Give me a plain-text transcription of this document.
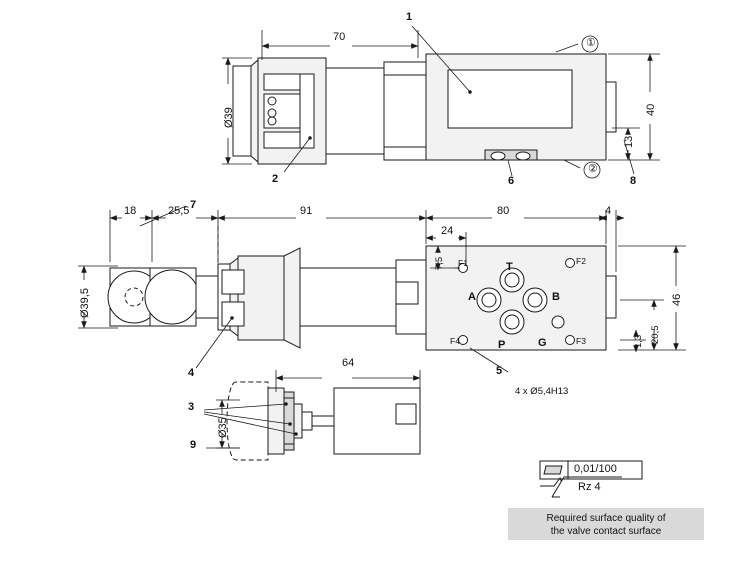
70
Ø39	40
13
1
2	6	8
①
②
18	25,5	91	80	4
24
7,5
Ø39,5	46
20,5
1,3
7
4	5
T
A	B
P	G
F1	F2
F3
F4
4 x Ø5,4H13
64
Ø35
3
9
0,01/100
Rz 4
Required surface quality of
the valve contact surface
